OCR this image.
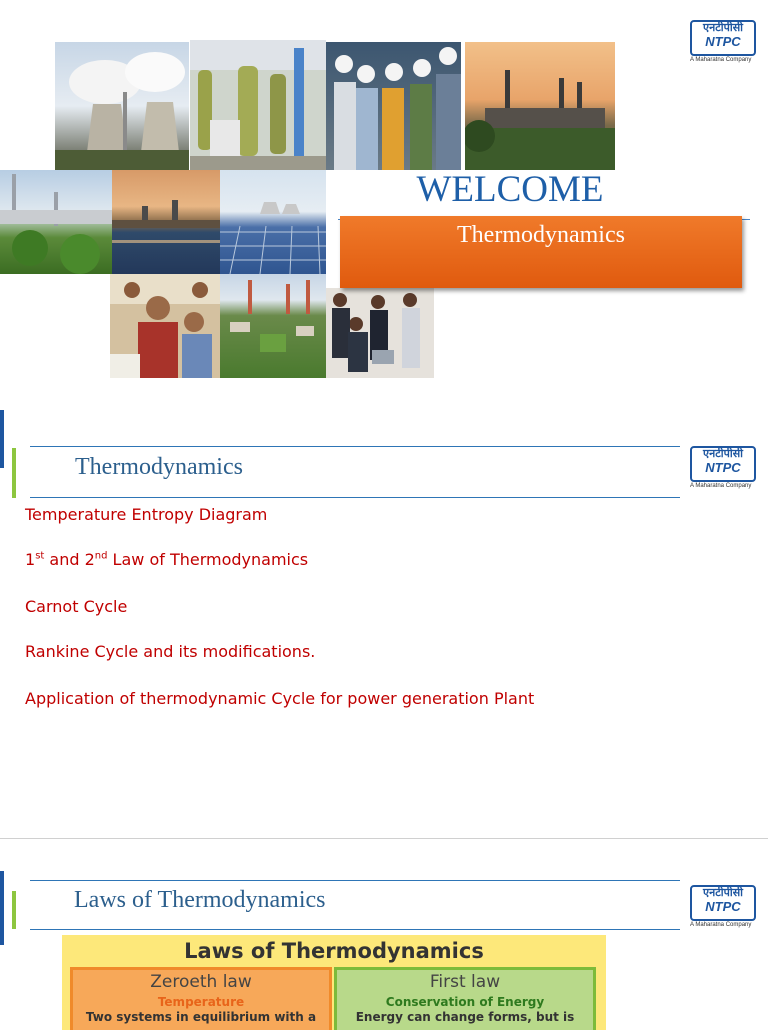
एनटीपीसी
NTPC
A Maharatna Company
WELCOME
Thermodynamics
Thermodynamics
एनटीपीसी
NTPC
A Maharatna Company
Temperature Entropy Diagram
1st and 2nd Law of Thermodynamics
Carnot Cycle
Rankine Cycle and its modifications.
Application of thermodynamic Cycle for power generation Plant
Laws of Thermodynamics	एनटीपीसी
NTPC
A Maharatna Company
Laws of Thermodynamics
Zeroeth law
Temperature
Two systems in equilibrium with a
First law
Conservation of Energy
Energy can change forms, but is
